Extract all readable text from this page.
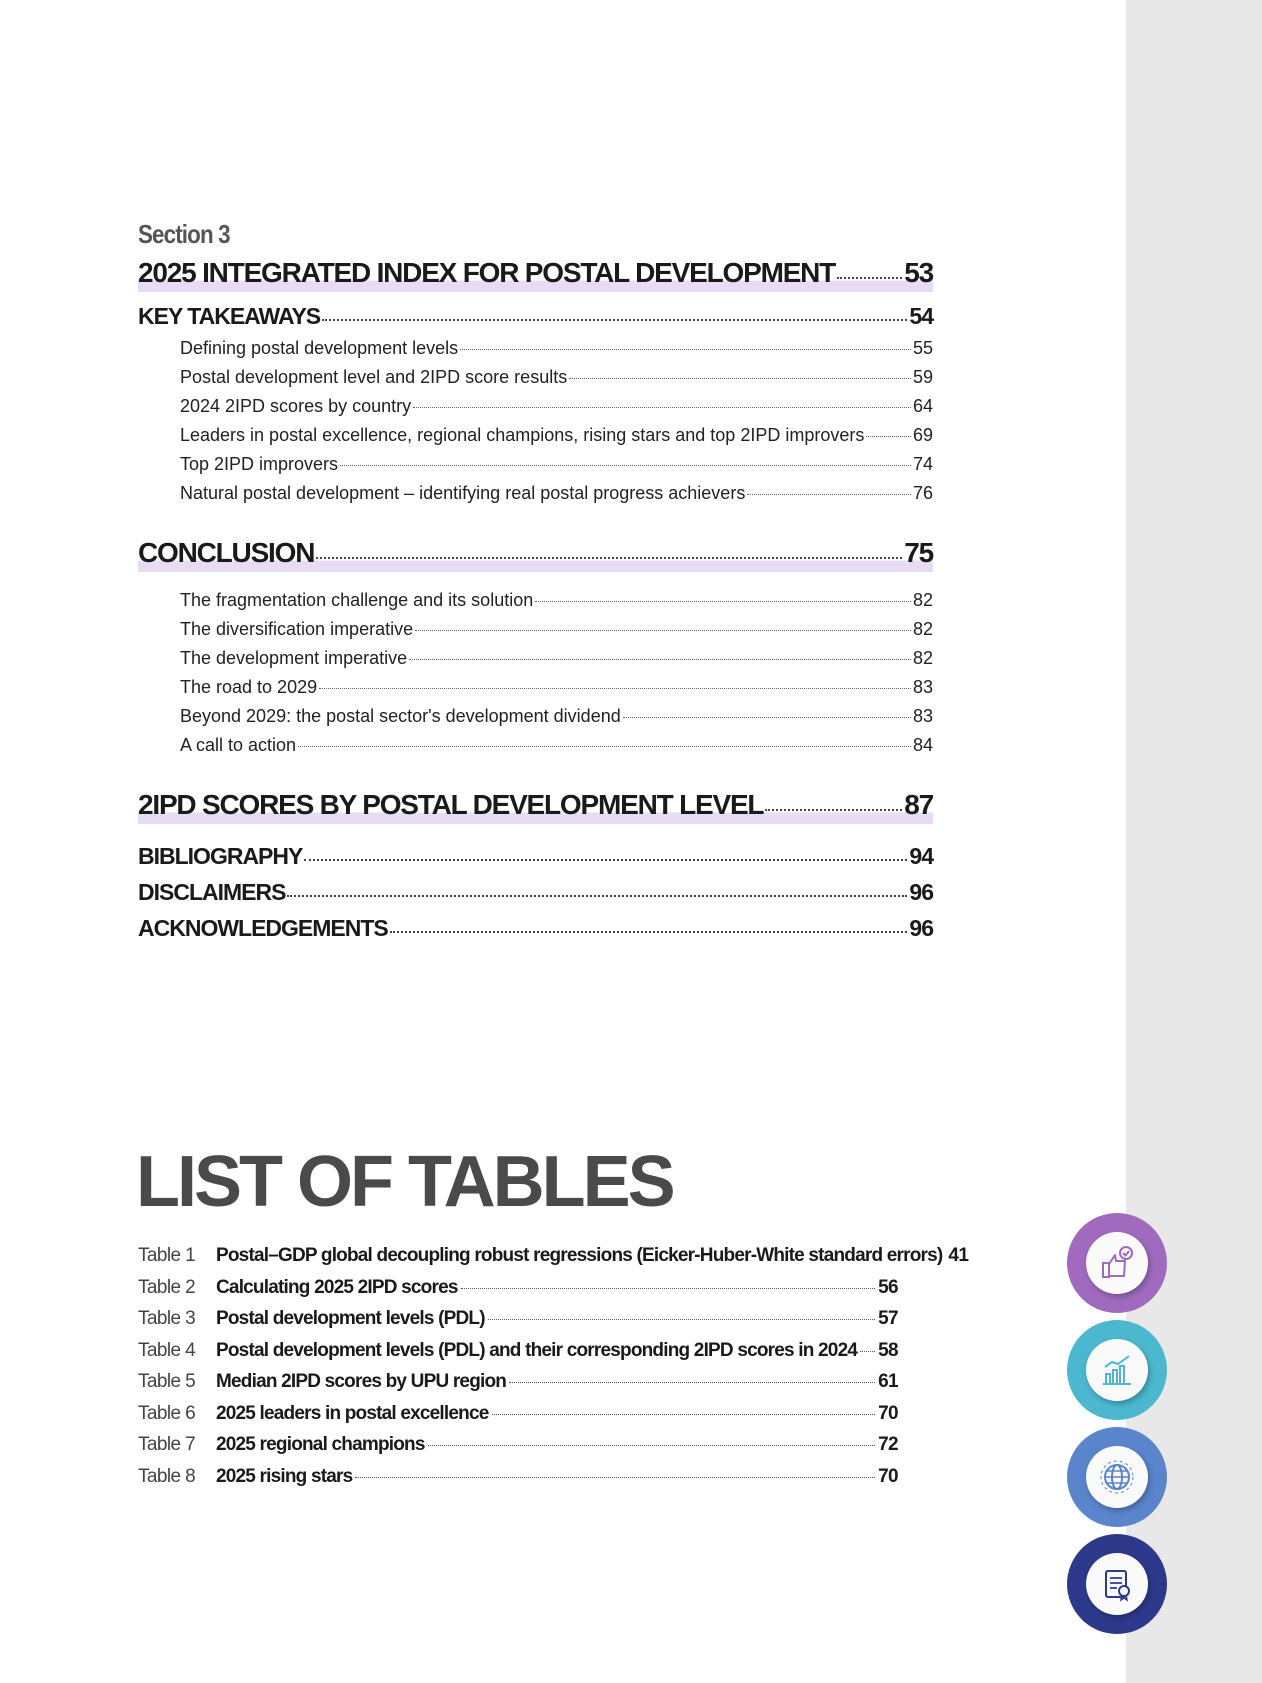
Section 3
2025 INTEGRATED INDEX FOR POSTAL DEVELOPMENT 53
KEY TAKEAWAYS	54
Defining postal development levels	55
Postal development level and 2IPD score results	59
2024 2IPD scores by country	64
Leaders in postal excellence, regional champions, rising stars and top 2IPD improvers	69
Top 2IPD improvers	74
Natural postal development – identifying real postal progress achievers	76
CONCLUSION	75
The fragmentation challenge and its solution	82
The diversification imperative	82
The development imperative	82
The road to 2029	83
Beyond 2029: the postal sector's development dividend	83
A call to action	84
2IPD SCORES BY POSTAL DEVELOPMENT LEVEL	87
BIBLIOGRAPHY	94
DISCLAIMERS	96
ACKNOWLEDGEMENTS	96
LIST OF TABLES
Table 1	Postal–GDP global decoupling robust regressions (Eicker-Huber-White standard errors) 41
Table 2	Calculating 2025 2IPD scores	56
Table 3	Postal development levels (PDL)	57
Table 4	Postal development levels (PDL) and their corresponding 2IPD scores in 2024 58
Table 5	Median 2IPD scores by UPU region	61
Table 6	2025 leaders in postal excellence	70
Table 7	2025 regional champions	72
Table 8	2025 rising stars	70
